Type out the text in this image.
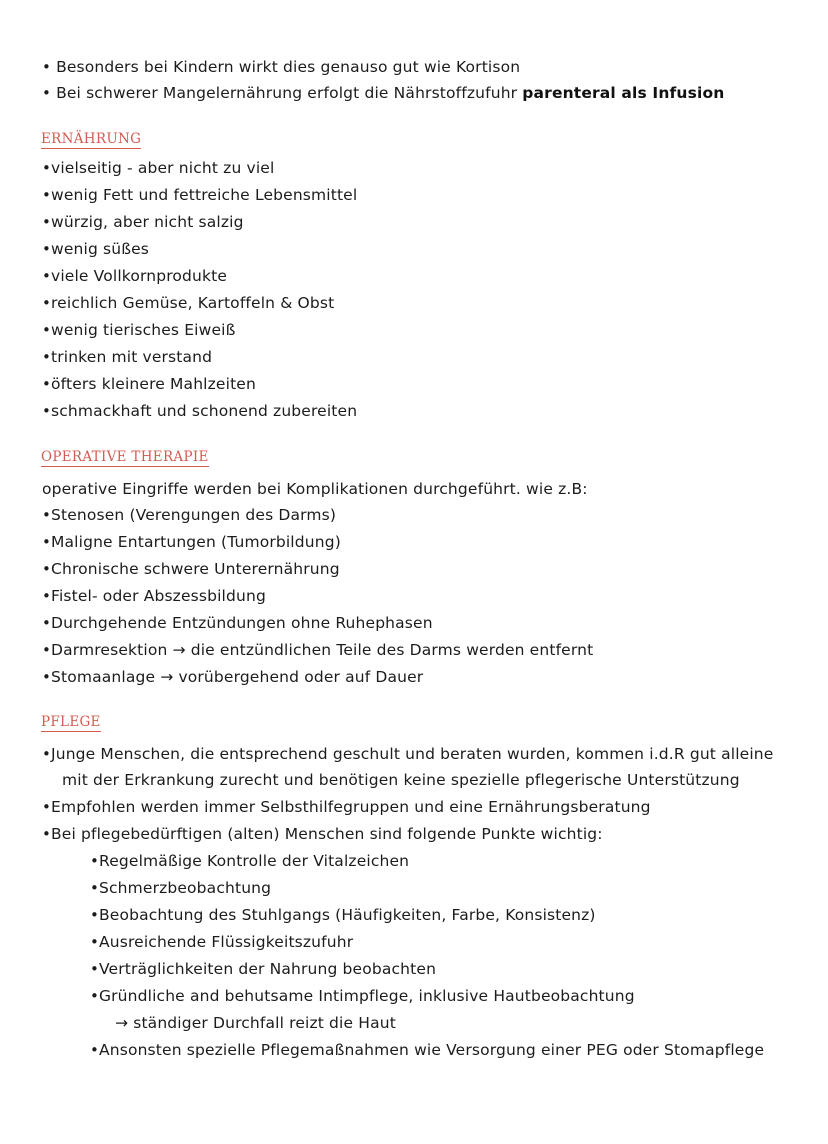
• Besonders bei Kindern wirkt dies genauso gut wie Kortison
• Bei schwerer Mangelernährung erfolgt die Nährstoffzufuhr parenteral als Infusion
ERNÄHRUNG
• vielseitig - aber nicht zu viel
• wenig Fett und fettreiche Lebensmittel
• würzig, aber nicht salzig
• wenig süßes
• viele Vollkornprodukte
• reichlich Gemüse, Kartoffeln & Obst
• wenig tierisches Eiweiß
• trinken mit verstand
• öfters kleinere Mahlzeiten
• schmackhaft und schonend zubereiten
OPERATIVE THERAPIE
operative Eingriffe werden bei Komplikationen durchgeführt. wie z.B:
• Stenosen (Verengungen des Darms)
• Maligne Entartungen (Tumorbildung)
• Chronische schwere Unterernährung
• Fistel- oder Abszessbildung
• Durchgehende Entzündungen ohne Ruhephasen
• Darmresektion → die entzündlichen Teile des Darms werden entfernt
• Stomaanlage → vorübergehend oder auf Dauer
PFLEGE
• Junge Menschen, die entsprechend geschult und beraten wurden, kommen i.d.R gut alleine
mit der Erkrankung zurecht und benötigen keine spezielle pflegerische Unterstützung
• Empfohlen werden immer Selbsthilfegruppen und eine Ernährungsberatung
• Bei pflegebedürftigen (alten) Menschen sind folgende Punkte wichtig:
• Regelmäßige Kontrolle der Vitalzeichen
• Schmerzbeobachtung
• Beobachtung des Stuhlgangs (Häufigkeiten, Farbe, Konsistenz)
• Ausreichende Flüssigkeitszufuhr
• Verträglichkeiten der Nahrung beobachten
• Gründliche and behutsame Intimpflege, inklusive Hautbeobachtung
→ ständiger Durchfall reizt die Haut
• Ansonsten spezielle Pflegemaßnahmen wie Versorgung einer PEG oder Stomapflege
